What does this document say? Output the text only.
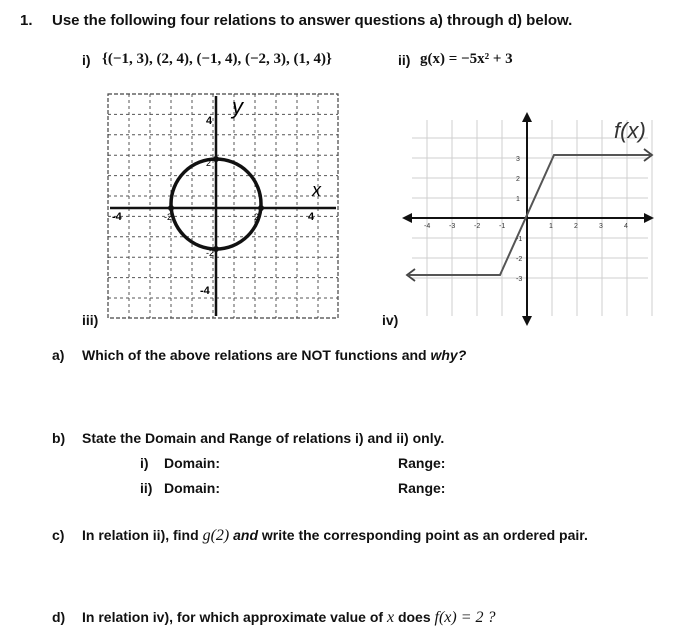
1. Use the following four relations to answer questions a) through d) below.
i) {(−1, 3), (2, 4), (−1, 4), (−2, 3), (1, 4)}	ii) g(x) = −5x² + 3
y
x
4
2
-2
-4
-4	-2	2	4
f(x)
-4	-3	-2	-1	1	2	3	4
3
2
1
-1
-2
-3
iii)	iv)
a) Which of the above relations are NOT functions and why?
b) State the Domain and Range of relations i) and ii) only.
i) Domain:	Range:
ii) Domain:	Range:
c) In relation ii), find g(2) and write the corresponding point as an ordered pair.
d) In relation iv), for which approximate value of x does f(x) = 2 ?
